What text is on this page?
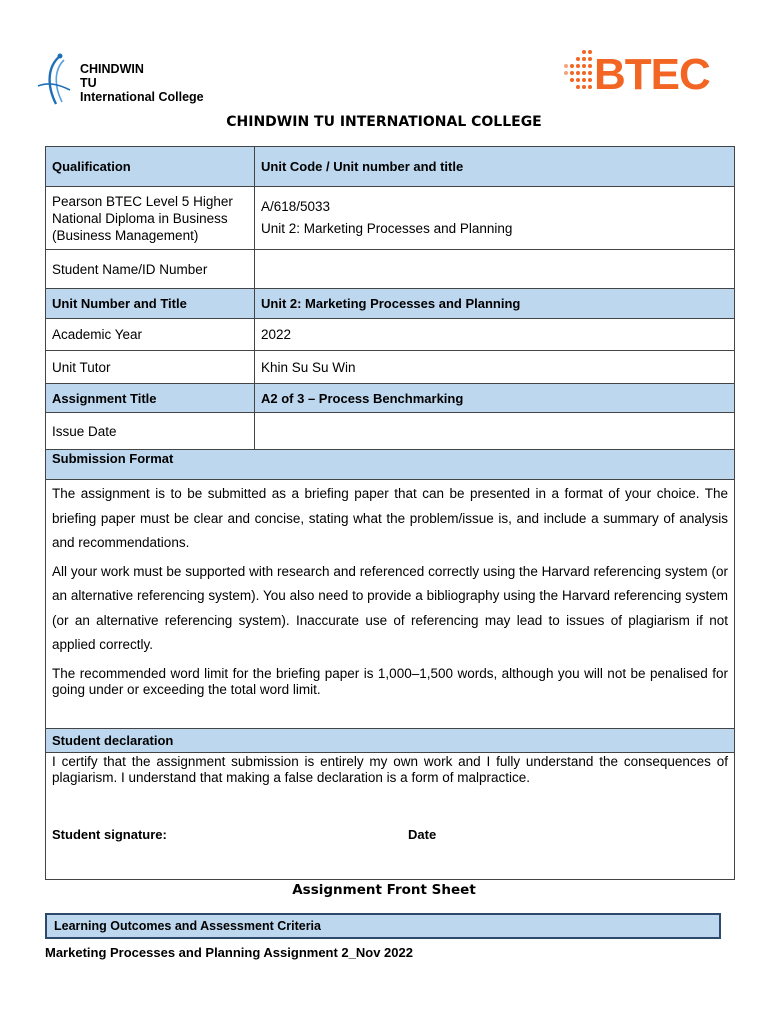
CHINDWIN
TU
International College	BTEC
CHINDWIN TU INTERNATIONAL COLLEGE
Qualification	Unit Code / Unit number and title
Pearson BTEC Level 5 Higher National Diploma in Business (Business Management)	A/618/5033
Unit 2: Marketing Processes and Planning

Student Name/ID Number	
Unit Number and Title	Unit 2: Marketing Processes and Planning
Academic Year	2022
Unit Tutor	Khin Su Su Win
Assignment Title	A2 of 3 – Process Benchmarking
Issue Date	
Submission Format	

The assignment is to be submitted as a briefing paper that can be presented in a format of your choice. The briefing paper must be clear and concise, stating what the problem/issue is, and include a summary of analysis and recommendations.

All your work must be supported with research and referenced correctly using the Harvard referencing system (or an alternative referencing system). You also need to provide a bibliography using the Harvard referencing system (or an alternative referencing system). Inaccurate use of referencing may lead to issues of plagiarism if not applied correctly.

The recommended word limit for the briefing paper is 1,000–1,500 words, although you will not be penalised for going under or exceeding the total word limit.	

Student declaration	

I certify that the assignment submission is entirely my own work and I fully understand the consequences of plagiarism. I understand that making a false declaration is a form of malpractice.

Student signature: Date	
Assignment Front Sheet
Learning Outcomes and Assessment Criteria
Marketing Processes and Planning Assignment 2_Nov 2022
